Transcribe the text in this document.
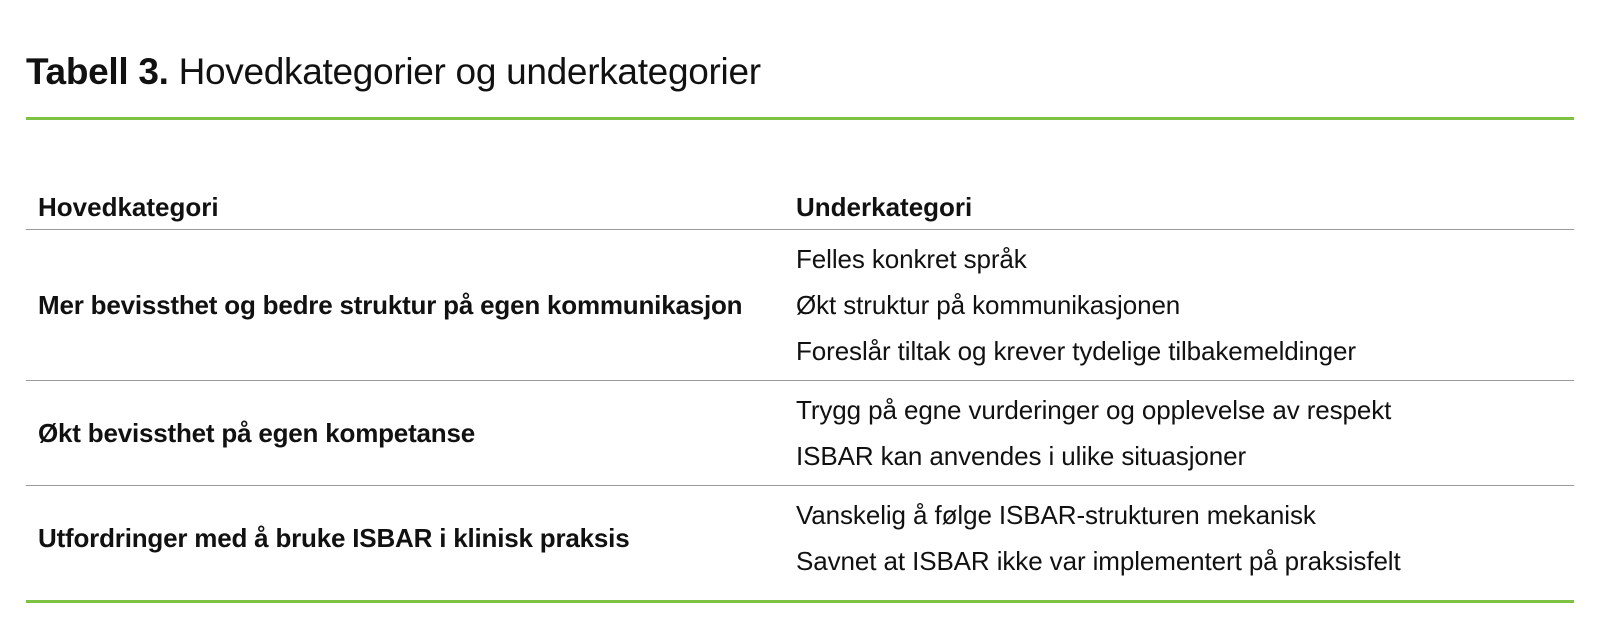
Tabell 3. Hovedkategorier og underkategorier
Hovedkategori	Underkategori
Mer bevissthet og bedre struktur på egen kommunikasjon
Felles konkret språk
Økt struktur på kommunikasjonen
Foreslår tiltak og krever tydelige tilbakemeldinger
Økt bevissthet på egen kompetanse
Trygg på egne vurderinger og opplevelse av respekt
ISBAR kan anvendes i ulike situasjoner
Utfordringer med å bruke ISBAR i klinisk praksis
Vanskelig å følge ISBAR-strukturen mekanisk
Savnet at ISBAR ikke var implementert på praksisfelt
